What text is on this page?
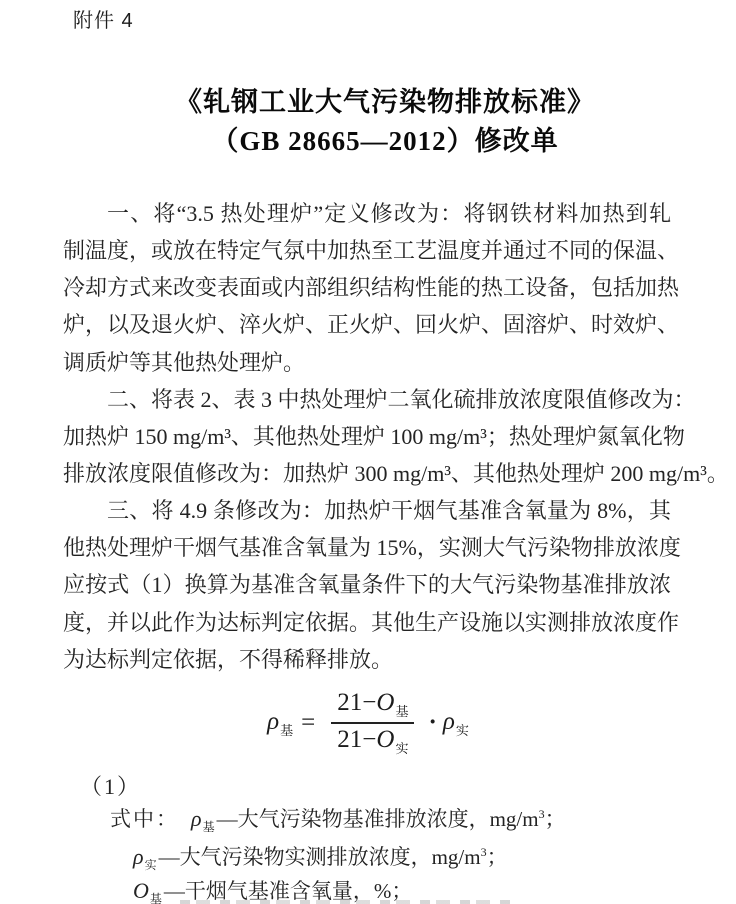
附件 4
《轧钢工业大气污染物排放标准》
（GB 28665—2012）修改单
一、将“3.5 热处理炉”定义修改为：将钢铁材料加热到轧
制温度，或放在特定气氛中加热至工艺温度并通过不同的保温、
冷却方式来改变表面或内部组织结构性能的热工设备，包括加热
炉，以及退火炉、淬火炉、正火炉、回火炉、固溶炉、时效炉、
调质炉等其他热处理炉。
二、将表 2、表 3 中热处理炉二氧化硫排放浓度限值修改为：
加热炉 150 mg/m³、其他热处理炉 100 mg/m³；热处理炉氮氧化物
排放浓度限值修改为：加热炉 300 mg/m³、其他热处理炉 200 mg/m³。
三、将 4.9 条修改为：加热炉干烟气基准含氧量为 8%，其
他热处理炉干烟气基准含氧量为 15%，实测大气污染物排放浓度
应按式（1）换算为基准含氧量条件下的大气污染物基准排放浓
度，并以此作为达标判定依据。其他生产设施以实测排放浓度作
为达标判定依据，不得稀释排放。
$\rho_基 = \frac{21-O_基}{21-O_实} \cdot \rho_实$
（1）
式中： $\rho_基—$大气污染物基准排放浓度，$mg/m^3$；
$\rho_实—$大气污染物实测排放浓度，$mg/m^3$；
$O_基—$干烟气基准含氧量，%；
